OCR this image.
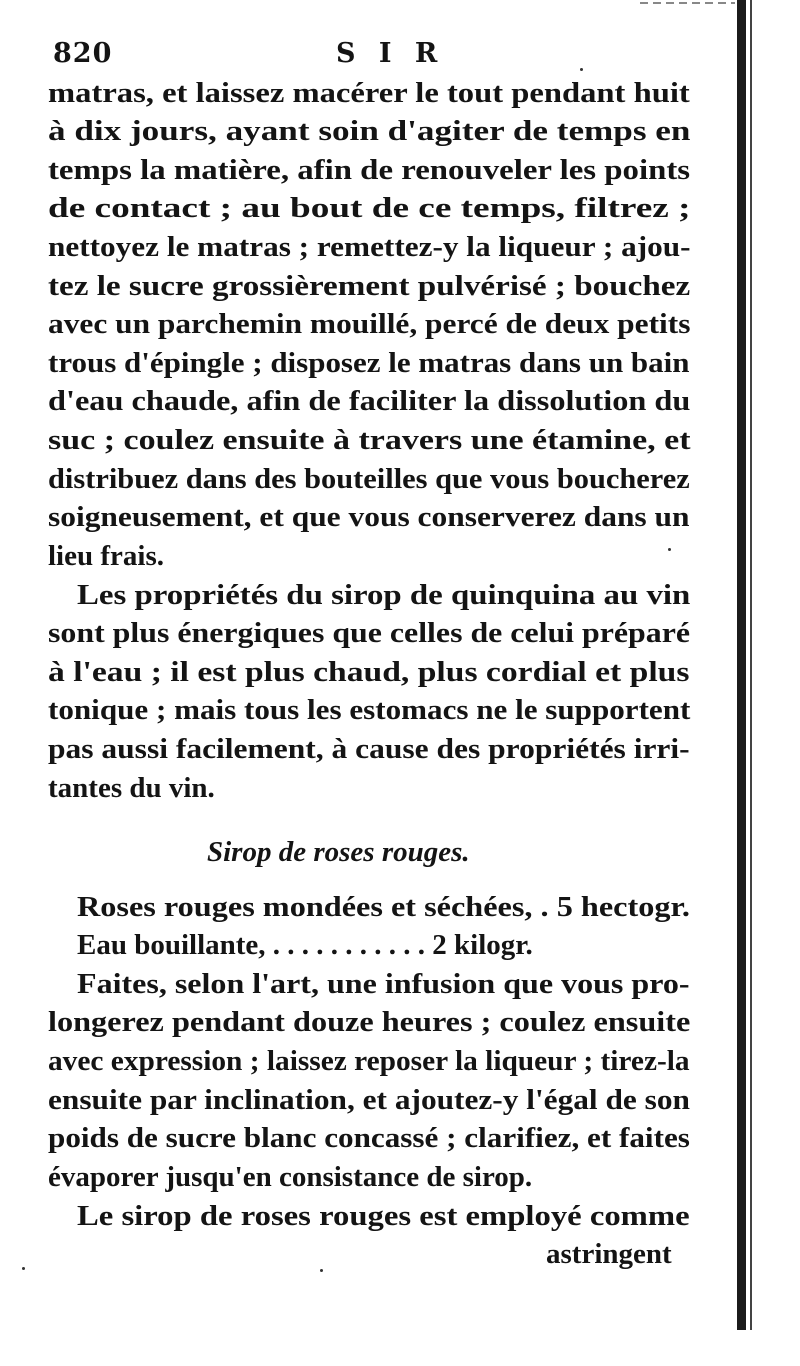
820	S I R
matras, et laissez macérer le tout pendant huit
à dix jours, ayant soin d'agiter de temps en
temps la matière, afin de renouveler les points
de contact ; au bout de ce temps, filtrez ;
nettoyez le matras ; remettez-y la liqueur ; ajou-
tez le sucre grossièrement pulvérisé ; bouchez
avec un parchemin mouillé, percé de deux petits
trous d'épingle ; disposez le matras dans un bain
d'eau chaude, afin de faciliter la dissolution du
suc ; coulez ensuite à travers une étamine, et
distribuez dans des bouteilles que vous boucherez
soigneusement, et que vous conserverez dans un
lieu frais.
Les propriétés du sirop de quinquina au vin
sont plus énergiques que celles de celui préparé
à l'eau ; il est plus chaud, plus cordial et plus
tonique ; mais tous les estomacs ne le supportent
pas aussi facilement, à cause des propriétés irri-
tantes du vin.
Sirop de roses rouges.
Roses rouges mondées et séchées, . 5 hectogr.
Eau bouillante, . . . . . . . . . . . 2 kilogr.
Faites, selon l'art, une infusion que vous pro-
longerez pendant douze heures ; coulez ensuite
avec expression ; laissez reposer la liqueur ; tirez-la
ensuite par inclination, et ajoutez-y l'égal de son
poids de sucre blanc concassé ; clarifiez, et faites
évaporer jusqu'en consistance de sirop.
Le sirop de roses rouges est employé comme
astringent
